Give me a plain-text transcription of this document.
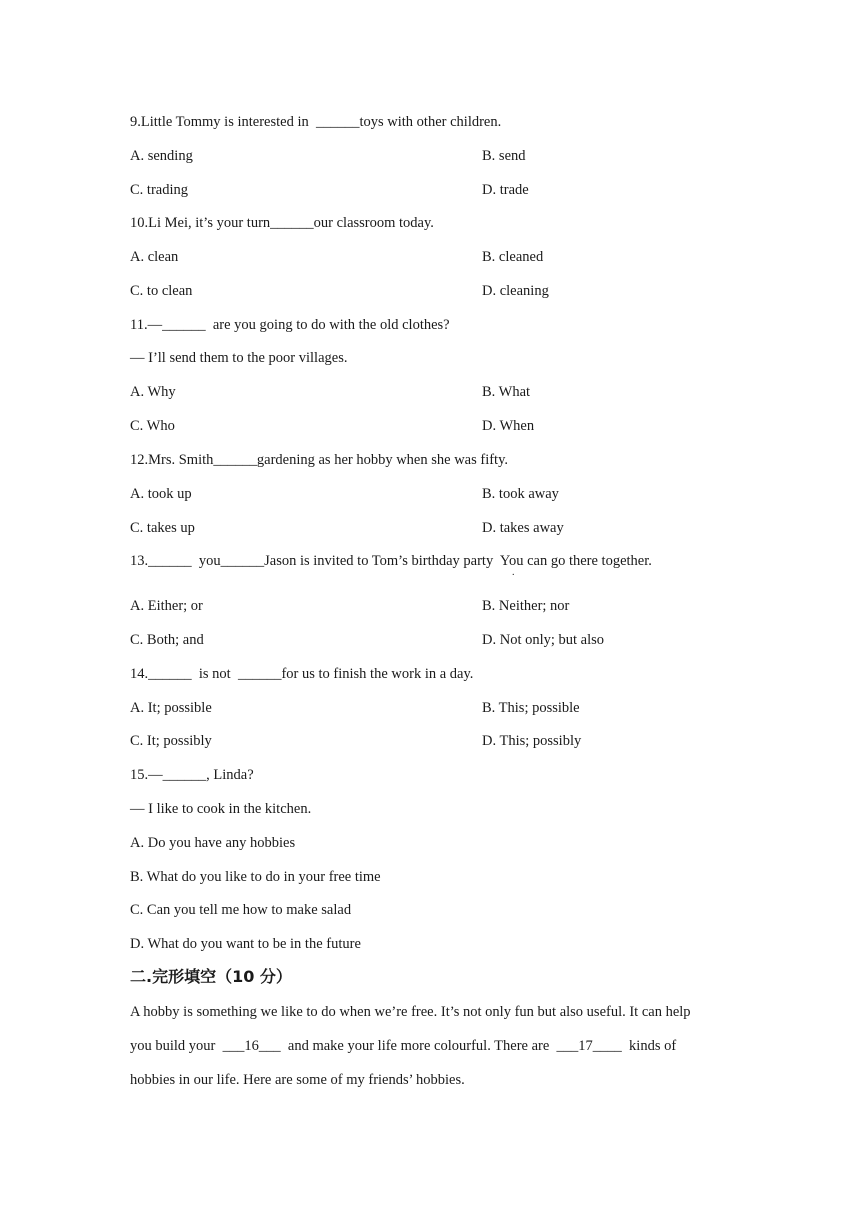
9.Little Tommy is interested in  ______toys with other children.
A. sending	B. send
C. trading	D. trade
10.Li Mei, it’s your turn______our classroom today.
A. clean	B. cleaned
C. to clean	D. cleaning
11.—______  are you going to do with the old clothes?
— I’ll send them to the poor villages.
A. Why	B. What
C. Who	D. When
12.Mrs. Smith______gardening as her hobby when she was fifty.
A. took up	B. took away
C. takes up	D. takes away
13.______  you______Jason is invited to Tom’s birthday party  You can go there together.
.
A. Either; or	B. Neither; nor
C. Both; and	D. Not only; but also
14.______  is not  ______for us to finish the work in a day.
A. It; possible	B. This; possible
C. It; possibly	D. This; possibly
15.—______, Linda?
— I like to cook in the kitchen.
A. Do you have any hobbies
B. What do you like to do in your free time
C. Can you tell me how to make salad
D. What do you want to be in the future
二.完形填空（10 分）
A hobby is something we like to do when we’re free. It’s not only fun but also useful. It can help
you build your  ___16___  and make your life more colourful. There are  ___17____  kinds of
hobbies in our life. Here are some of my friends’ hobbies.
